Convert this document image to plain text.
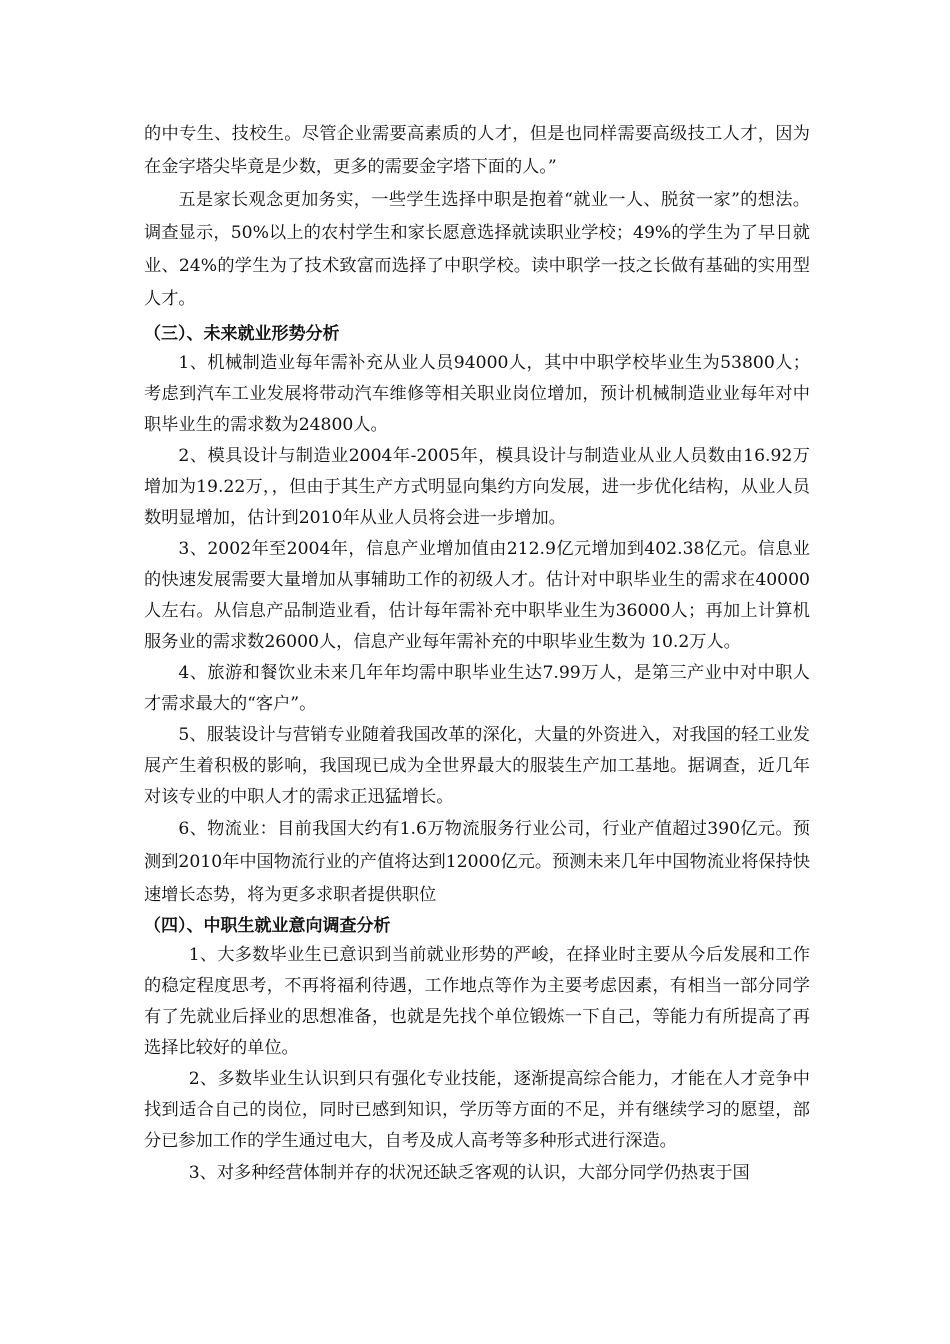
的中专生、技校生。尽管企业需要高素质的人才，但是也同样需要高级技工人才，因为在金字塔尖毕竟是少数，更多的需要金字塔下面的人。”

五是家长观念更加务实，一些学生选择中职是抱着“就业一人、脱贫一家”的想法。调查显示，50%以上的农村学生和家长愿意选择就读职业学校；49%的学生为了早日就业、24%的学生为了技术致富而选择了中职学校。读中职学一技之长做有基础的实用型人才。

（三）、未来就业形势分析

1、机械制造业每年需补充从业人员94000人，其中中职学校毕业生为53800人；考虑到汽车工业发展将带动汽车维修等相关职业岗位增加，预计机械制造业业每年对中职毕业生的需求数为24800人。

2、模具设计与制造业2004年-2005年，模具设计与制造业从业人员数由16.92万增加为19.22万，，但由于其生产方式明显向集约方向发展，进一步优化结构，从业人员数明显增加，估计到2010年从业人员将会进一步增加。

3、2002年至2004年，信息产业增加值由212.9亿元增加到402.38亿元。信息业的快速发展需要大量增加从事辅助工作的初级人才。估计对中职毕业生的需求在40000 人左右。从信息产品制造业看，估计每年需补充中职毕业生为36000人；再加上计算机服务业的需求数26000人，信息产业每年需补充的中职毕业生数为 10.2万人。

4、旅游和餐饮业未来几年年均需中职毕业生达7.99万人，是第三产业中对中职人才需求最大的“客户”。

5、服装设计与营销专业随着我国改革的深化，大量的外资进入，对我国的轻工业发展产生着积极的影响，我国现已成为全世界最大的服装生产加工基地。据调查，近几年对该专业的中职人才的需求正迅猛增长。

6、物流业：目前我国大约有1.6万物流服务行业公司，行业产值超过390亿元。预测到2010年中国物流行业的产值将达到12000亿元。预测未来几年中国物流业将保持快速增长态势，将为更多求职者提供职位

（四）、中职生就业意向调查分析

1、大多数毕业生已意识到当前就业形势的严峻，在择业时主要从今后发展和工作的稳定程度思考，不再将福利待遇，工作地点等作为主要考虑因素，有相当一部分同学有了先就业后择业的思想准备，也就是先找个单位锻炼一下自己，等能力有所提高了再选择比较好的单位。

2、多数毕业生认识到只有强化专业技能，逐渐提高综合能力，才能在人才竞争中找到适合自己的岗位，同时已感到知识，学历等方面的不足，并有继续学习的愿望，部分已参加工作的学生通过电大，自考及成人高考等多种形式进行深造。

3、对多种经营体制并存的状况还缺乏客观的认识，大部分同学仍热衷于国
